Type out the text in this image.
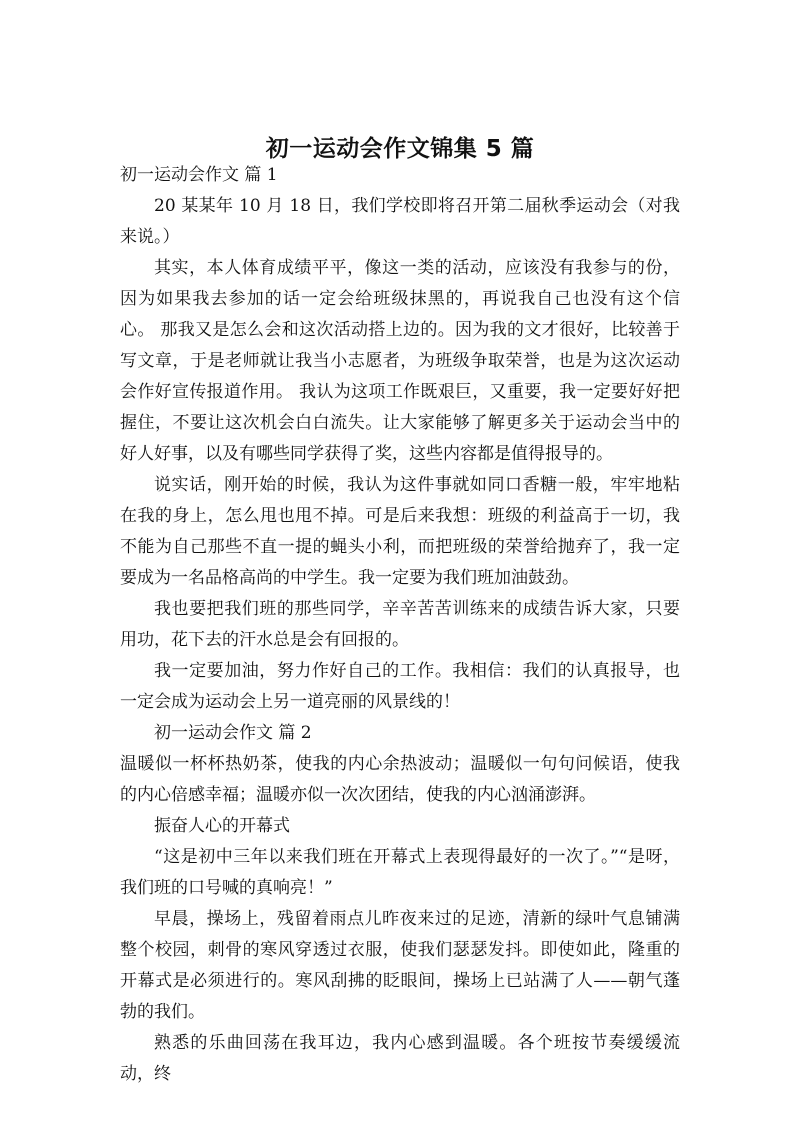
初一运动会作文锦集 5 篇

初一运动会作文 篇 1

20 某某年 10 月 18 日，我们学校即将召开第二届秋季运动会（对我来说。）

其实，本人体育成绩平平，像这一类的活动，应该没有我参与的份，因为如果我去参加的话一定会给班级抹黑的，再说我自己也没有这个信心。 那我又是怎么会和这次活动搭上边的。因为我的文才很好，比较善于写文章，于是老师就让我当小志愿者，为班级争取荣誉，也是为这次运动会作好宣传报道作用。 我认为这项工作既艰巨，又重要，我一定要好好把握住，不要让这次机会白白流失。让大家能够了解更多关于运动会当中的好人好事，以及有哪些同学获得了奖，这些内容都是值得报导的。

说实话，刚开始的时候，我认为这件事就如同口香糖一般，牢牢地粘在我的身上，怎么甩也甩不掉。可是后来我想：班级的利益高于一切，我不能为自己那些不直一提的蝇头小利，而把班级的荣誉给抛弃了，我一定要成为一名品格高尚的中学生。我一定要为我们班加油鼓劲。

我也要把我们班的那些同学，辛辛苦苦训练来的成绩告诉大家，只要用功，花下去的汗水总是会有回报的。

我一定要加油，努力作好自己的工作。我相信：我们的认真报导，也一定会成为运动会上另一道亮丽的风景线的！

初一运动会作文 篇 2

温暖似一杯杯热奶茶，使我的内心余热波动；温暖似一句句问候语，使我的内心倍感幸福；温暖亦似一次次团结，使我的内心汹涌澎湃。

振奋人心的开幕式

“这是初中三年以来我们班在开幕式上表现得最好的一次了。”“是呀，我们班的口号喊的真响亮！”

早晨，操场上，残留着雨点儿昨夜来过的足迹，清新的绿叶气息铺满整个校园，刺骨的寒风穿透过衣服，使我们瑟瑟发抖。即使如此，隆重的开幕式是必须进行的。寒风刮拂的眨眼间，操场上已站满了人——朝气蓬勃的我们。

熟悉的乐曲回荡在我耳边，我内心感到温暖。各个班按节奏缓缓流动，终
